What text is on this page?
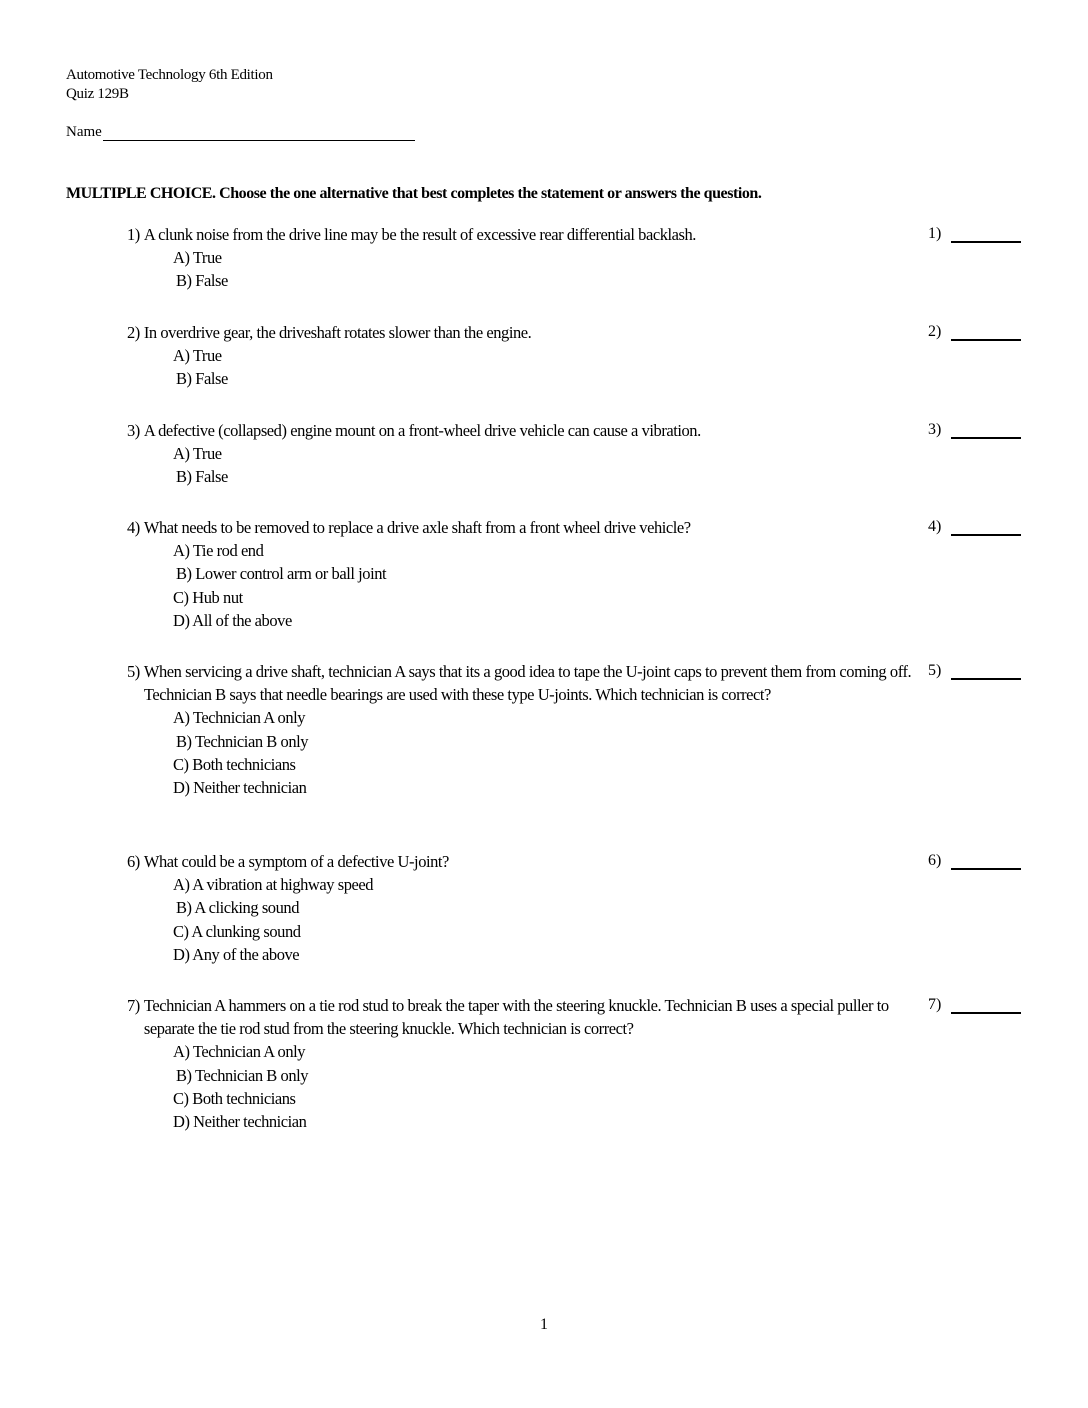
Automotive Technology 6th Edition
Quiz 129B
Name
MULTIPLE CHOICE. Choose the one alternative that best completes the statement or answers the question.
1) A clunk noise from the drive line may be the result of excessive rear differential backlash.
A) True
B) False
1)
2) In overdrive gear, the driveshaft rotates slower than the engine.
A) True
B) False
2)
3) A defective (collapsed) engine mount on a front-wheel drive vehicle can cause a vibration.
A) True
B) False
3)
4) What needs to be removed to replace a drive axle shaft from a front wheel drive vehicle?
A) Tie rod end
B) Lower control arm or ball joint
C) Hub nut
D) All of the above
4)
5) When servicing a drive shaft, technician A says that its a good idea to tape the U-joint caps to prevent them from coming off. Technician B says that needle bearings are used with these type U-joints. Which technician is correct?
A) Technician A only
B) Technician B only
C) Both technicians
D) Neither technician
5)
6) What could be a symptom of a defective U-joint?
A) A vibration at highway speed
B) A clicking sound
C) A clunking sound
D) Any of the above
6)
7) Technician A hammers on a tie rod stud to break the taper with the steering knuckle. Technician B uses a special puller to separate the tie rod stud from the steering knuckle. Which technician is correct?
A) Technician A only
B) Technician B only
C) Both technicians
D) Neither technician
7)
1
